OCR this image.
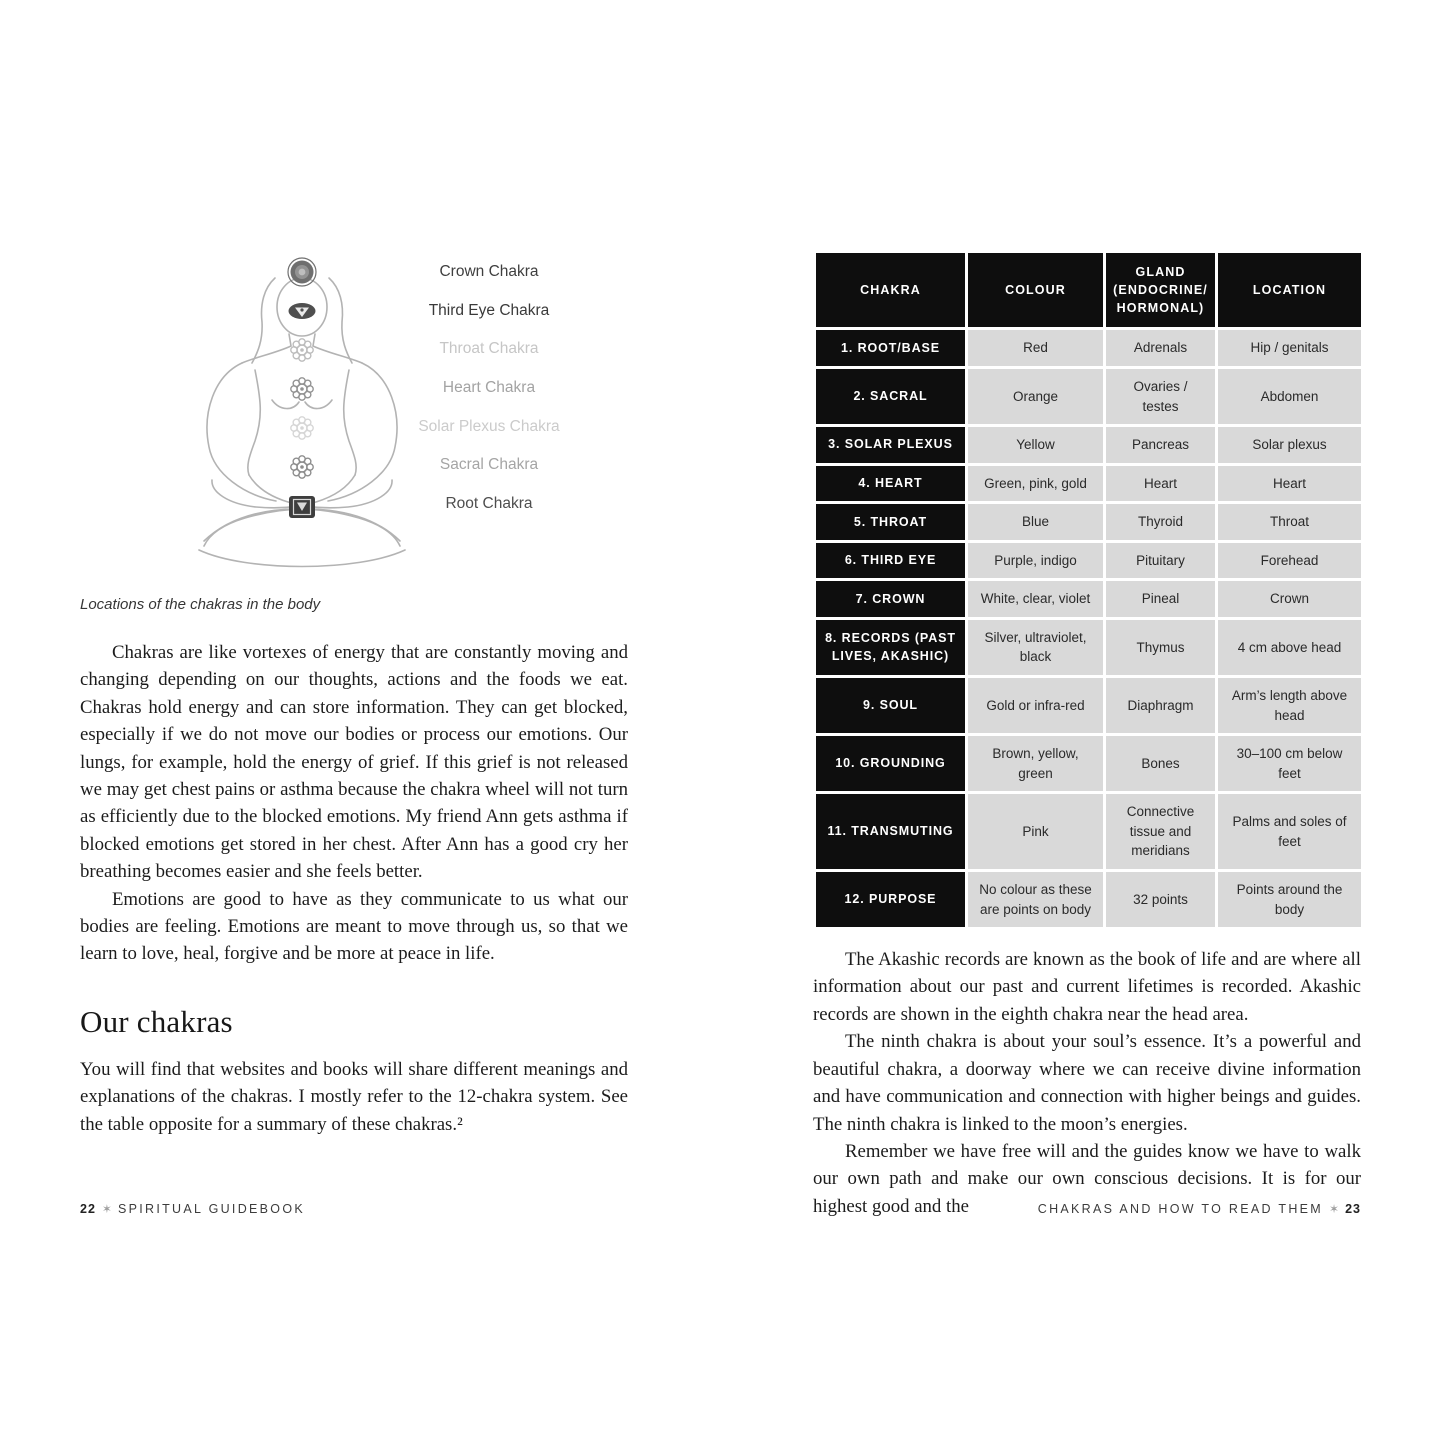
Crown Chakra
Third Eye Chakra
Throat Chakra
Heart Chakra
Solar Plexus Chakra
Sacral Chakra
Root Chakra
Locations of the chakras in the body

Chakras are like vortexes of energy that are constantly moving and changing depending on our thoughts, actions and the foods we eat. Chakras hold energy and can store information. They can get blocked, especially if we do not move our bodies or process our emotions. Our lungs, for example, hold the energy of grief. If this grief is not released we may get chest pains or asthma because the chakra wheel will not turn as efficiently due to the blocked emotions. My friend Ann gets asthma if blocked emotions get stored in her chest. After Ann has a good cry her breathing becomes easier and she feels better.

Emotions are good to have as they communicate to us what our bodies are feeling. Emotions are meant to move through us, so that we learn to love, heal, forgive and be more at peace in life.

Our chakras

You will find that websites and books will share different meanings and explanations of the chakras. I mostly refer to the 12-chakra system. See the table opposite for a summary of these chakras.²

CHAKRA	COLOUR	GLAND (ENDOCRINE/ HORMONAL)	LOCATION
1. ROOT/BASE	Red	Adrenals	Hip / genitals
2. SACRAL	Orange	Ovaries / testes	Abdomen
3. SOLAR PLEXUS	Yellow	Pancreas	Solar plexus
4. HEART	Green, pink, gold	Heart	Heart
5. THROAT	Blue	Thyroid	Throat
6. THIRD EYE	Purple, indigo	Pituitary	Forehead
7. CROWN	White, clear, violet	Pineal	Crown
8. RECORDS (PAST LIVES, AKASHIC)	Silver, ultraviolet, black	Thymus	4 cm above head
9. SOUL	Gold or infra-red	Diaphragm	Arm’s length above head
10. GROUNDING	Brown, yellow, green	Bones	30–100 cm below feet
11. TRANSMUTING	Pink	Connective tissue and meridians	Palms and soles of feet
12. PURPOSE	No colour as these are points on body	32 points	Points around the body

The Akashic records are known as the book of life and are where all information about our past and current lifetimes is recorded. Akashic records are shown in the eighth chakra near the head area.

The ninth chakra is about your soul’s essence. It’s a powerful and beautiful chakra, a doorway where we can receive divine information and have communication and connection with higher beings and guides. The ninth chakra is linked to the moon’s energies.

Remember we have free will and the guides know we have to walk our own path and make our own conscious decisions. It is for our highest good and the

22 ✶ SPIRITUAL GUIDEBOOK	CHAKRAS AND HOW TO READ THEM ✶ 23
